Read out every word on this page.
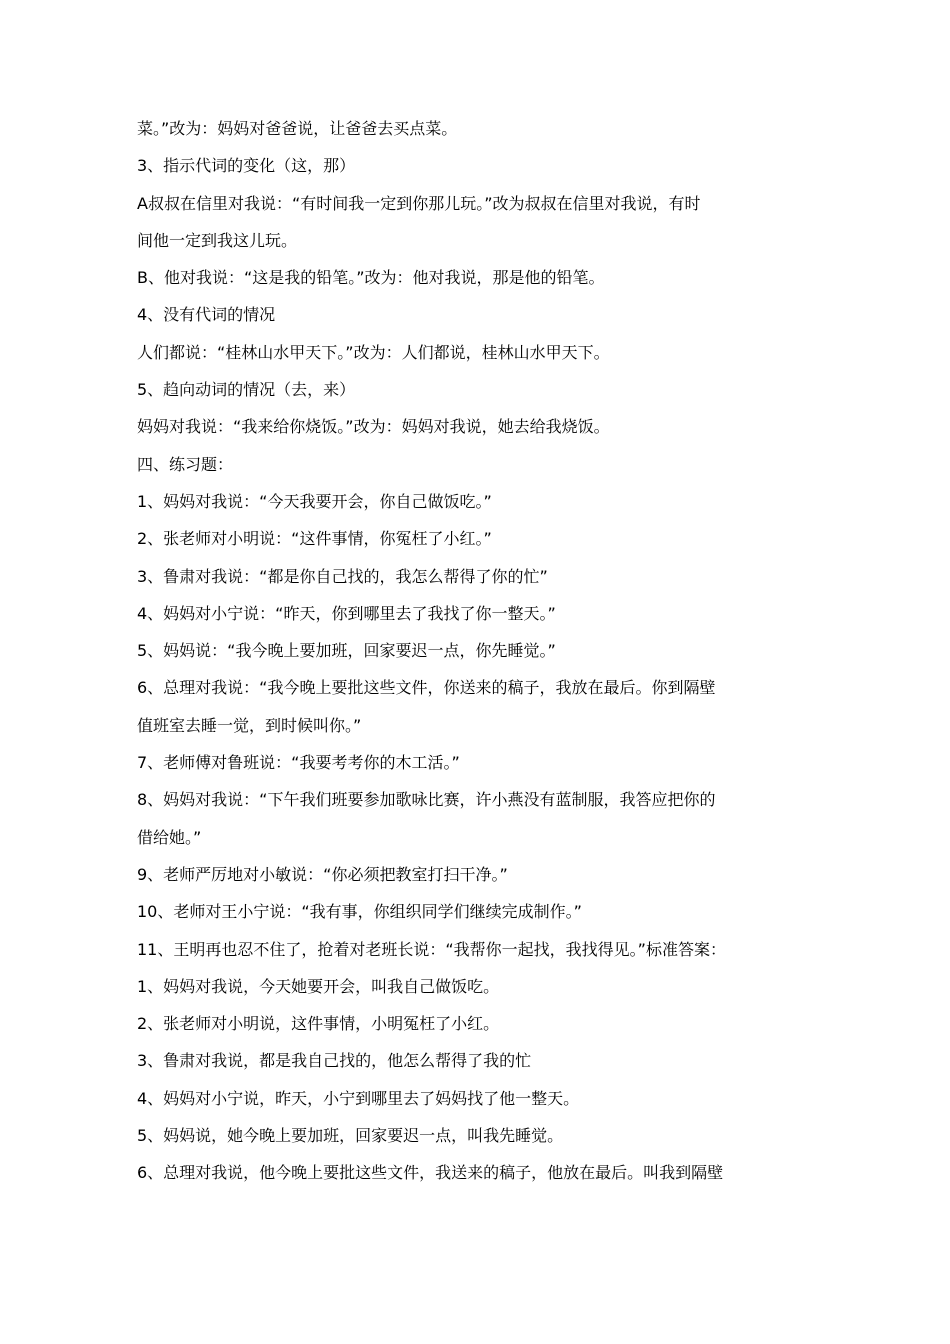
菜。”改为：妈妈对爸爸说，让爸爸去买点菜。
3、指示代词的变化（这，那）
A叔叔在信里对我说：“有时间我一定到你那儿玩。”改为叔叔在信里对我说，有时
间他一定到我这儿玩。
B、他对我说：“这是我的铅笔。”改为：他对我说，那是他的铅笔。
4、没有代词的情况
人们都说：“桂林山水甲天下。”改为：人们都说，桂林山水甲天下。
5、趋向动词的情况（去，来）
妈妈对我说：“我来给你烧饭。”改为：妈妈对我说，她去给我烧饭。
四、练习题：
1、妈妈对我说：“今天我要开会，你自己做饭吃。”
2、张老师对小明说：“这件事情，你冤枉了小红。”
3、鲁肃对我说：“都是你自己找的，我怎么帮得了你的忙”
4、妈妈对小宁说：“昨天，你到哪里去了我找了你一整天。”
5、妈妈说：“我今晚上要加班，回家要迟一点，你先睡觉。”
6、总理对我说：“我今晚上要批这些文件，你送来的稿子，我放在最后。你到隔壁
值班室去睡一觉，到时候叫你。”
7、老师傅对鲁班说：“我要考考你的木工活。”
8、妈妈对我说：“下午我们班要参加歌咏比赛，许小燕没有蓝制服，我答应把你的
借给她。”
9、老师严厉地对小敏说：“你必须把教室打扫干净。”
10、老师对王小宁说：“我有事，你组织同学们继续完成制作。”
11、王明再也忍不住了，抢着对老班长说：“我帮你一起找，我找得见。”标准答案：
1、妈妈对我说，今天她要开会，叫我自己做饭吃。
2、张老师对小明说，这件事情，小明冤枉了小红。
3、鲁肃对我说，都是我自己找的，他怎么帮得了我的忙
4、妈妈对小宁说，昨天，小宁到哪里去了妈妈找了他一整天。
5、妈妈说，她今晚上要加班，回家要迟一点，叫我先睡觉。
6、总理对我说，他今晚上要批这些文件，我送来的稿子，他放在最后。叫我到隔壁
